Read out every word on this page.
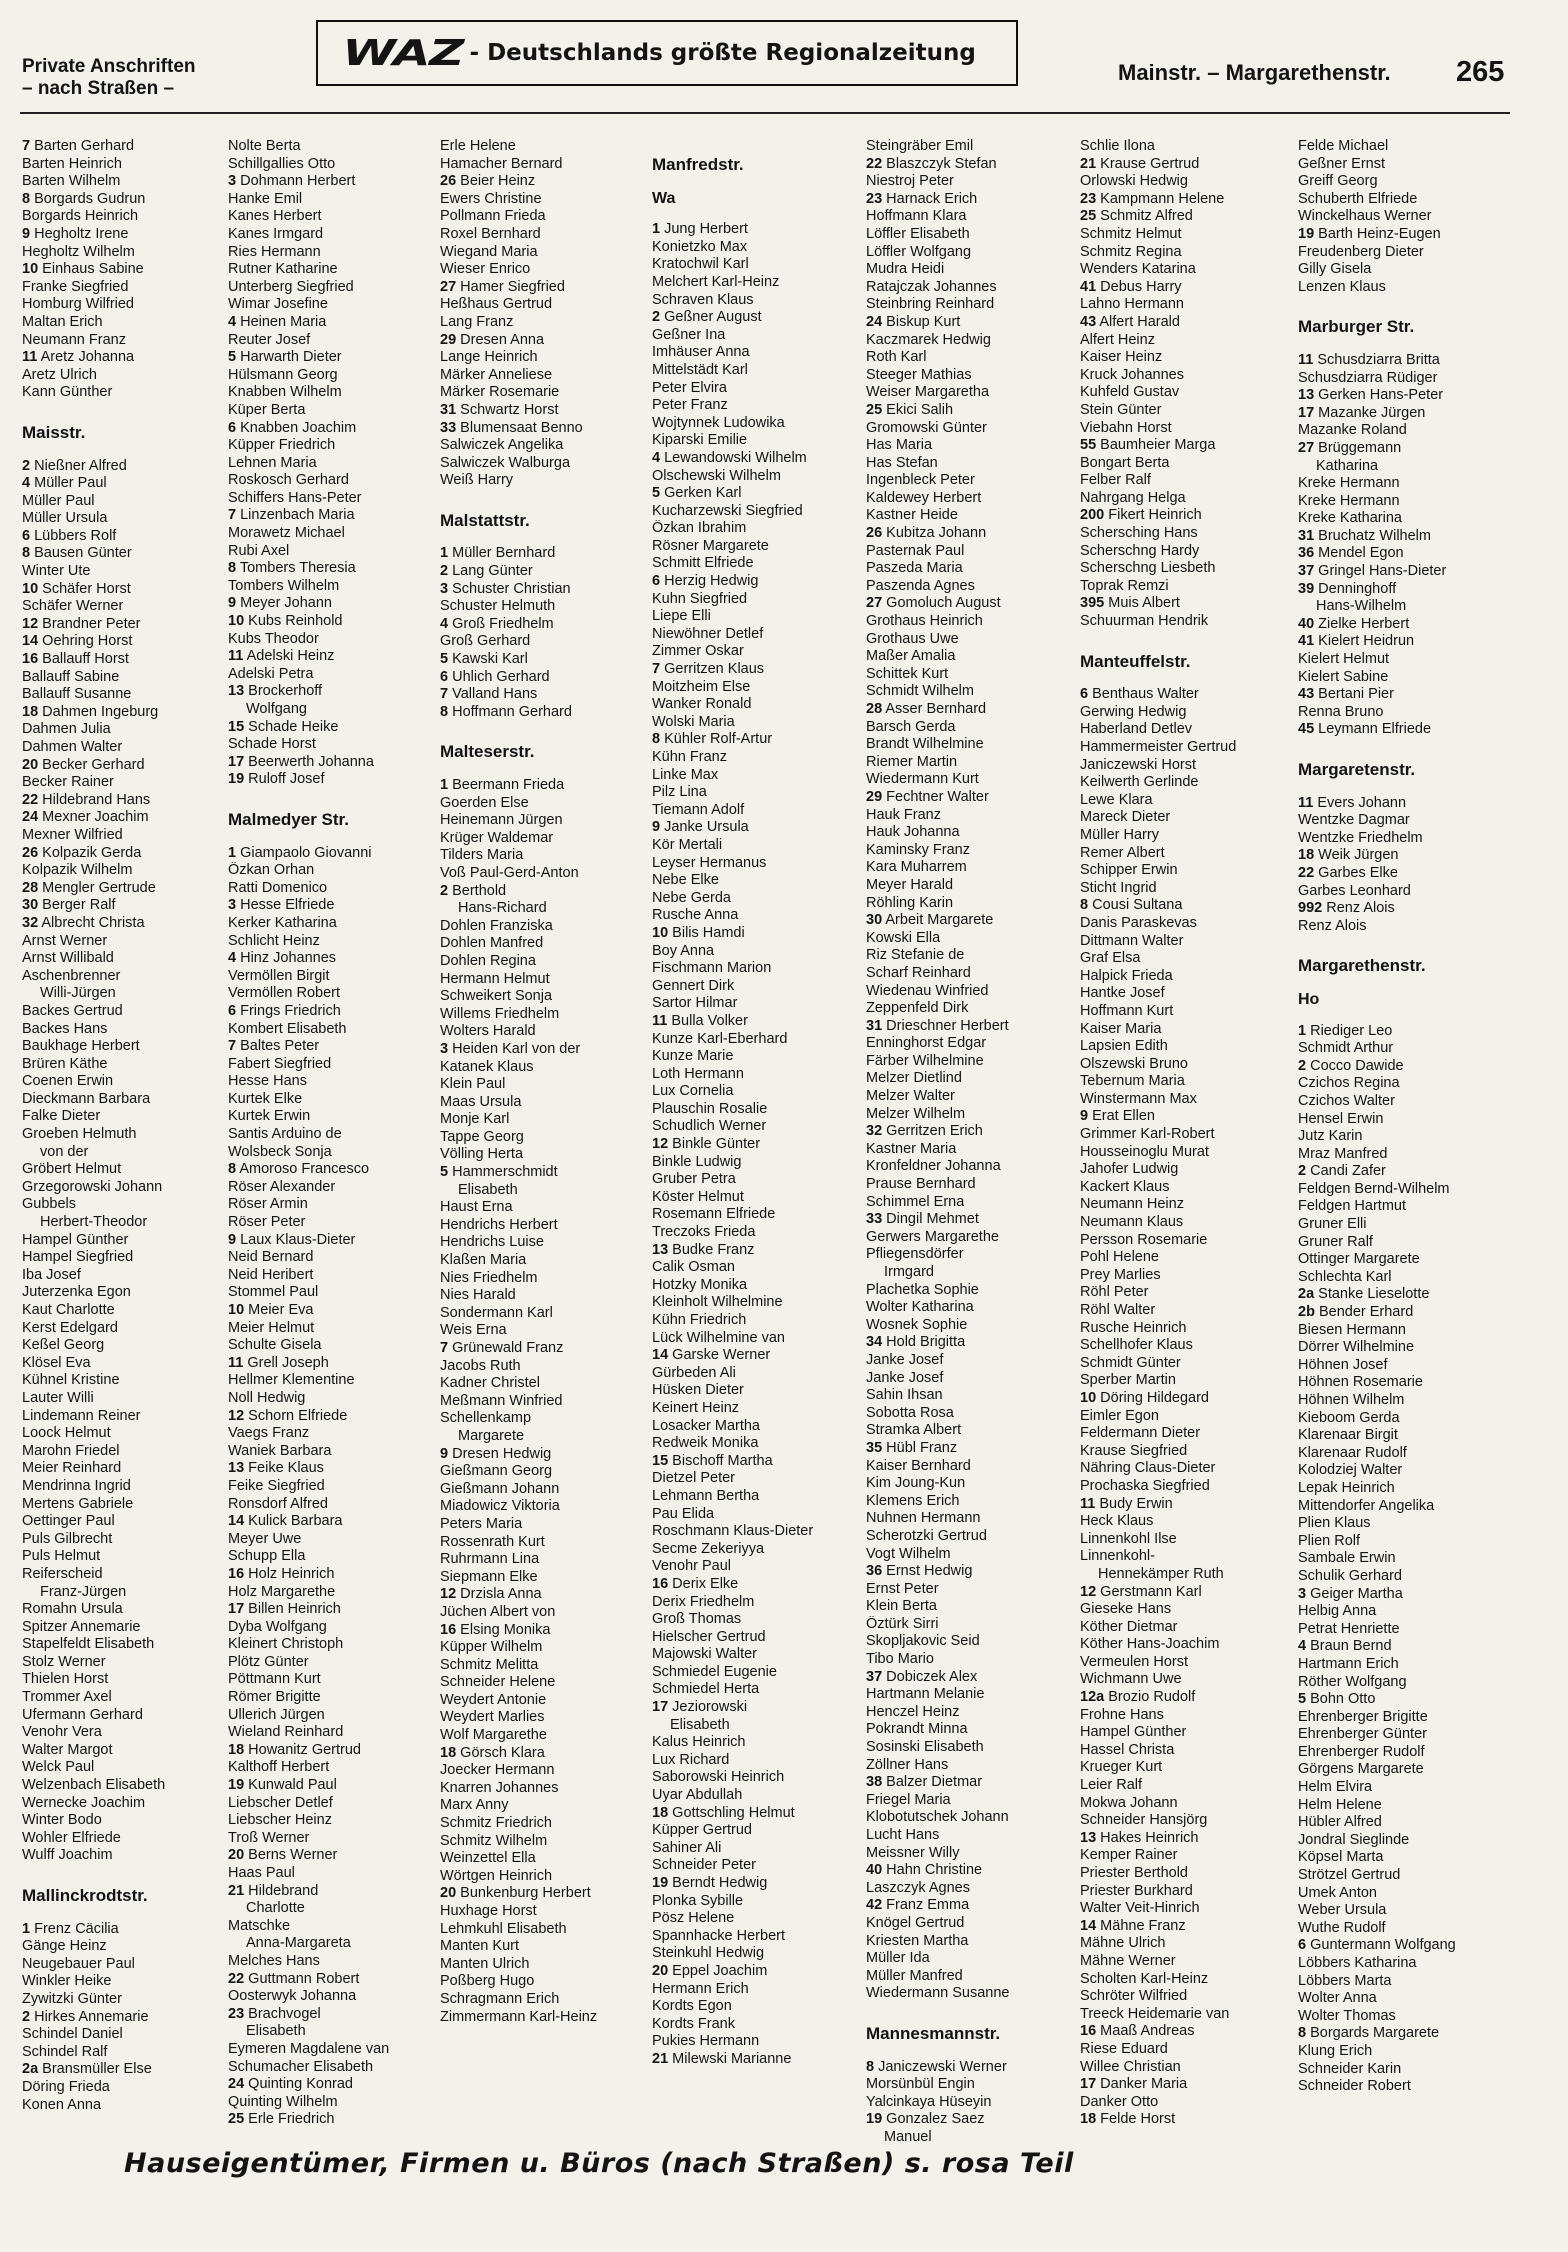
Private Anschriften
– nach Straßen –
WAZ - Deutschlands größte Regionalzeitung
Mainstr. – Margarethenstr. 265
7 Barten Gerhard
Barten Heinrich
Barten Wilhelm
8 Borgards Gudrun
Borgards Heinrich
9 Hegholtz Irene
Hegholtz Wilhelm
10 Einhaus Sabine
Franke Siegfried
Homburg Wilfried
Maltan Erich
Neumann Franz
11 Aretz Johanna
Aretz Ulrich
Kann Günther
Maisstr.
2 Nießner Alfred
4 Müller Paul
Müller Paul
Müller Ursula
6 Lübbers Rolf
8 Bausen Günter
Winter Ute
10 Schäfer Horst
Schäfer Werner
12 Brandner Peter
14 Oehring Horst
16 Ballauff Horst
Ballauff Sabine
Ballauff Susanne
18 Dahmen Ingeburg
Dahmen Julia
Dahmen Walter
20 Becker Gerhard
Becker Rainer
22 Hildebrand Hans
24 Mexner Joachim
Mexner Wilfried
26 Kolpazik Gerda
Kolpazik Wilhelm
28 Mengler Gertrude
30 Berger Ralf
32 Albrecht Christa
Arnst Werner
Arnst Willibald
Aschenbrenner
Willi-Jürgen
Backes Gertrud
Backes Hans
Baukhage Herbert
Brüren Käthe
Coenen Erwin
Dieckmann Barbara
Falke Dieter
Groeben Helmuth
von der
Gröbert Helmut
Grzegorowski Johann
Gubbels
Herbert-Theodor
Hampel Günther
Hampel Siegfried
Iba Josef
Juterzenka Egon
Kaut Charlotte
Kerst Edelgard
Keßel Georg
Klösel Eva
Kühnel Kristine
Lauter Willi
Lindemann Reiner
Loock Helmut
Marohn Friedel
Meier Reinhard
Mendrinna Ingrid
Mertens Gabriele
Oettinger Paul
Puls Gilbrecht
Puls Helmut
Reiferscheid
Franz-Jürgen
Romahn Ursula
Spitzer Annemarie
Stapelfeldt Elisabeth
Stolz Werner
Thielen Horst
Trommer Axel
Ufermann Gerhard
Venohr Vera
Walter Margot
Welck Paul
Welzenbach Elisabeth
Wernecke Joachim
Winter Bodo
Wohler Elfriede
Wulff Joachim
Mallinckrodtstr.
1 Frenz Cäcilia
Gänge Heinz
Neugebauer Paul
Winkler Heike
Zywitzki Günter
2 Hirkes Annemarie
Schindel Daniel
Schindel Ralf
2a Bransmüller Else
Döring Frieda
Konen Anna
Nolte Berta
Schillgallies Otto
3 Dohmann Herbert
Hanke Emil
Kanes Herbert
Kanes Irmgard
Ries Hermann
Rutner Katharine
Unterberg Siegfried
Wimar Josefine
4 Heinen Maria
Reuter Josef
5 Harwarth Dieter
Hülsmann Georg
Knabben Wilhelm
Küper Berta
6 Knabben Joachim
Küpper Friedrich
Lehnen Maria
Roskosch Gerhard
Schiffers Hans-Peter
7 Linzenbach Maria
Morawetz Michael
Rubi Axel
8 Tombers Theresia
Tombers Wilhelm
9 Meyer Johann
10 Kubs Reinhold
Kubs Theodor
11 Adelski Heinz
Adelski Petra
13 Brockerhoff
Wolfgang
15 Schade Heike
Schade Horst
17 Beerwerth Johanna
19 Ruloff Josef
Malmedyer Str.
1 Giampaolo Giovanni
Özkan Orhan
Ratti Domenico
3 Hesse Elfriede
Kerker Katharina
Schlicht Heinz
4 Hinz Johannes
Vermöllen Birgit
Vermöllen Robert
6 Frings Friedrich
Kombert Elisabeth
7 Baltes Peter
Fabert Siegfried
Hesse Hans
Kurtek Elke
Kurtek Erwin
Santis Arduino de
Wolsbeck Sonja
8 Amoroso Francesco
Röser Alexander
Röser Armin
Röser Peter
9 Laux Klaus-Dieter
Neid Bernard
Neid Heribert
Stommel Paul
10 Meier Eva
Meier Helmut
Schulte Gisela
11 Grell Joseph
Hellmer Klementine
Noll Hedwig
12 Schorn Elfriede
Vaegs Franz
Waniek Barbara
13 Feike Klaus
Feike Siegfried
Ronsdorf Alfred
14 Kulick Barbara
Meyer Uwe
Schupp Ella
16 Holz Heinrich
Holz Margarethe
17 Billen Heinrich
Dyba Wolfgang
Kleinert Christoph
Plötz Günter
Pöttmann Kurt
Römer Brigitte
Ullerich Jürgen
Wieland Reinhard
18 Howanitz Gertrud
Kalthoff Herbert
19 Kunwald Paul
Liebscher Detlef
Liebscher Heinz
Troß Werner
20 Berns Werner
Haas Paul
21 Hildebrand
Charlotte
Matschke
Anna-Margareta
Melches Hans
22 Guttmann Robert
Oosterwyk Johanna
23 Brachvogel
Elisabeth
Eymeren Magdalene van
Schumacher Elisabeth
24 Quinting Konrad
Quinting Wilhelm
25 Erle Friedrich
Erle Helene
Hamacher Bernard
26 Beier Heinz
Ewers Christine
Pollmann Frieda
Roxel Bernhard
Wiegand Maria
Wieser Enrico
27 Hamer Siegfried
Heßhaus Gertrud
Lang Franz
29 Dresen Anna
Lange Heinrich
Märker Anneliese
Märker Rosemarie
31 Schwartz Horst
33 Blumensaat Benno
Salwiczek Angelika
Salwiczek Walburga
Weiß Harry
Malstattstr.
1 Müller Bernhard
2 Lang Günter
3 Schuster Christian
Schuster Helmuth
4 Groß Friedhelm
Groß Gerhard
5 Kawski Karl
6 Uhlich Gerhard
7 Valland Hans
8 Hoffmann Gerhard
Malteserstr.
1 Beermann Frieda
Goerden Else
Heinemann Jürgen
Krüger Waldemar
Tilders Maria
Voß Paul-Gerd-Anton
2 Berthold
Hans-Richard
Dohlen Franziska
Dohlen Manfred
Dohlen Regina
Hermann Helmut
Schweikert Sonja
Willems Friedhelm
Wolters Harald
3 Heiden Karl von der
Katanek Klaus
Klein Paul
Maas Ursula
Monje Karl
Tappe Georg
Völling Herta
5 Hammerschmidt
Elisabeth
Haust Erna
Hendrichs Herbert
Hendrichs Luise
Klaßen Maria
Nies Friedhelm
Nies Harald
Sondermann Karl
Weis Erna
7 Grünewald Franz
Jacobs Ruth
Kadner Christel
Meßmann Winfried
Schellenkamp
Margarete
9 Dresen Hedwig
Gießmann Georg
Gießmann Johann
Miadowicz Viktoria
Peters Maria
Rossenrath Kurt
Ruhrmann Lina
Siepmann Elke
12 Drzisla Anna
Jüchen Albert von
16 Elsing Monika
Küpper Wilhelm
Schmitz Melitta
Schneider Helene
Weydert Antonie
Weydert Marlies
Wolf Margarethe
18 Görsch Klara
Joecker Hermann
Knarren Johannes
Marx Anny
Schmitz Friedrich
Schmitz Wilhelm
Weinzettel Ella
Wörtgen Heinrich
20 Bunkenburg Herbert
Huxhage Horst
Lehmkuhl Elisabeth
Manten Kurt
Manten Ulrich
Poßberg Hugo
Schragmann Erich
Zimmermann Karl-Heinz
Manfredstr.
Wa
1 Jung Herbert
Konietzko Max
Kratochwil Karl
Melchert Karl-Heinz
Schraven Klaus
2 Geßner August
Geßner Ina
Imhäuser Anna
Mittelstädt Karl
Peter Elvira
Peter Franz
Wojtynnek Ludowika
Kiparski Emilie
4 Lewandowski Wilhelm
Olschewski Wilhelm
5 Gerken Karl
Kucharzewski Siegfried
Özkan Ibrahim
Rösner Margarete
Schmitt Elfriede
6 Herzig Hedwig
Kuhn Siegfried
Liepe Elli
Niewöhner Detlef
Zimmer Oskar
7 Gerritzen Klaus
Moitzheim Else
Wanker Ronald
Wolski Maria
8 Kühler Rolf-Artur
Kühn Franz
Linke Max
Pilz Lina
Tiemann Adolf
9 Janke Ursula
Kör Mertali
Leyser Hermanus
Nebe Elke
Nebe Gerda
Rusche Anna
10 Bilis Hamdi
Boy Anna
Fischmann Marion
Gennert Dirk
Sartor Hilmar
11 Bulla Volker
Kunze Karl-Eberhard
Kunze Marie
Loth Hermann
Lux Cornelia
Plauschin Rosalie
Schudlich Werner
12 Binkle Günter
Binkle Ludwig
Gruber Petra
Köster Helmut
Rosemann Elfriede
Treczoks Frieda
13 Budke Franz
Calik Osman
Hotzky Monika
Kleinholt Wilhelmine
Kühn Friedrich
Lück Wilhelmine van
14 Garske Werner
Gürbeden Ali
Hüsken Dieter
Keinert Heinz
Losacker Martha
Redweik Monika
15 Bischoff Martha
Dietzel Peter
Lehmann Bertha
Pau Elida
Roschmann Klaus-Dieter
Secme Zekeriyya
Venohr Paul
16 Derix Elke
Derix Friedhelm
Groß Thomas
Hielscher Gertrud
Majowski Walter
Schmiedel Eugenie
Schmiedel Herta
17 Jeziorowski
Elisabeth
Kalus Heinrich
Lux Richard
Saborowski Heinrich
Uyar Abdullah
18 Gottschling Helmut
Küpper Gertrud
Sahiner Ali
Schneider Peter
19 Berndt Hedwig
Plonka Sybille
Pösz Helene
Spannhacke Herbert
Steinkuhl Hedwig
20 Eppel Joachim
Hermann Erich
Kordts Egon
Kordts Frank
Pukies Hermann
21 Milewski Marianne
Steingräber Emil
22 Blaszczyk Stefan
Niestroj Peter
23 Harnack Erich
Hoffmann Klara
Löffler Elisabeth
Löffler Wolfgang
Mudra Heidi
Ratajczak Johannes
Steinbring Reinhard
24 Biskup Kurt
Kaczmarek Hedwig
Roth Karl
Steeger Mathias
Weiser Margaretha
25 Ekici Salih
Gromowski Günter
Has Maria
Has Stefan
Ingenbleck Peter
Kaldewey Herbert
Kastner Heide
26 Kubitza Johann
Pasternak Paul
Paszeda Maria
Paszenda Agnes
27 Gomoluch August
Grothaus Heinrich
Grothaus Uwe
Maßer Amalia
Schittek Kurt
Schmidt Wilhelm
28 Asser Bernhard
Barsch Gerda
Brandt Wilhelmine
Riemer Martin
Wiedermann Kurt
29 Fechtner Walter
Hauk Franz
Hauk Johanna
Kaminsky Franz
Kara Muharrem
Meyer Harald
Röhling Karin
30 Arbeit Margarete
Kowski Ella
Riz Stefanie de
Scharf Reinhard
Wiedenau Winfried
Zeppenfeld Dirk
31 Drieschner Herbert
Enninghorst Edgar
Färber Wilhelmine
Melzer Dietlind
Melzer Walter
Melzer Wilhelm
32 Gerritzen Erich
Kastner Maria
Kronfeldner Johanna
Prause Bernhard
Schimmel Erna
33 Dingil Mehmet
Gerwers Margarethe
Pfliegensdörfer
Irmgard
Plachetka Sophie
Wolter Katharina
Wosnek Sophie
34 Hold Brigitta
Janke Josef
Janke Josef
Sahin Ihsan
Sobotta Rosa
Stramka Albert
35 Hübl Franz
Kaiser Bernhard
Kim Joung-Kun
Klemens Erich
Nuhnen Hermann
Scherotzki Gertrud
Vogt Wilhelm
36 Ernst Hedwig
Ernst Peter
Klein Berta
Öztürk Sirri
Skopljakovic Seid
Tibo Mario
37 Dobiczek Alex
Hartmann Melanie
Henczel Heinz
Pokrandt Minna
Sosinski Elisabeth
Zöllner Hans
38 Balzer Dietmar
Friegel Maria
Klobotutschek Johann
Lucht Hans
Meissner Willy
40 Hahn Christine
Laszczyk Agnes
42 Franz Emma
Knögel Gertrud
Kriesten Martha
Müller Ida
Müller Manfred
Wiedermann Susanne
Mannesmannstr.
8 Janiczewski Werner
Morsünbül Engin
Yalcinkaya Hüseyin
19 Gonzalez Saez
Manuel
Schlie Ilona
21 Krause Gertrud
Orlowski Hedwig
23 Kampmann Helene
25 Schmitz Alfred
Schmitz Helmut
Schmitz Regina
Wenders Katarina
41 Debus Harry
Lahno Hermann
43 Alfert Harald
Alfert Heinz
Kaiser Heinz
Kruck Johannes
Kuhfeld Gustav
Stein Günter
Viebahn Horst
55 Baumheier Marga
Bongart Berta
Felber Ralf
Nahrgang Helga
200 Fikert Heinrich
Schersching Hans
Scherschng Hardy
Scherschng Liesbeth
Toprak Remzi
395 Muis Albert
Schuurman Hendrik
Manteuffelstr.
6 Benthaus Walter
Gerwing Hedwig
Haberland Detlev
Hammermeister Gertrud
Janiczewski Horst
Keilwerth Gerlinde
Lewe Klara
Mareck Dieter
Müller Harry
Remer Albert
Schipper Erwin
Sticht Ingrid
8 Cousi Sultana
Danis Paraskevas
Dittmann Walter
Graf Elsa
Halpick Frieda
Hantke Josef
Hoffmann Kurt
Kaiser Maria
Lapsien Edith
Olszewski Bruno
Tebernum Maria
Winstermann Max
9 Erat Ellen
Grimmer Karl-Robert
Housseinoglu Murat
Jahofer Ludwig
Kackert Klaus
Neumann Heinz
Neumann Klaus
Persson Rosemarie
Pohl Helene
Prey Marlies
Röhl Peter
Röhl Walter
Rusche Heinrich
Schellhofer Klaus
Schmidt Günter
Sperber Martin
10 Döring Hildegard
Eimler Egon
Feldermann Dieter
Krause Siegfried
Nähring Claus-Dieter
Prochaska Siegfried
11 Budy Erwin
Heck Klaus
Linnenkohl Ilse
Linnenkohl-
Hennekämper Ruth
12 Gerstmann Karl
Gieseke Hans
Köther Dietmar
Köther Hans-Joachim
Vermeulen Horst
Wichmann Uwe
12a Brozio Rudolf
Frohne Hans
Hampel Günther
Hassel Christa
Krueger Kurt
Leier Ralf
Mokwa Johann
Schneider Hansjörg
13 Hakes Heinrich
Kemper Rainer
Priester Berthold
Priester Burkhard
Walter Veit-Hinrich
14 Mähne Franz
Mähne Ulrich
Mähne Werner
Scholten Karl-Heinz
Schröter Wilfried
Treeck Heidemarie van
16 Maaß Andreas
Riese Eduard
Willee Christian
17 Danker Maria
Danker Otto
18 Felde Horst
Felde Michael
Geßner Ernst
Greiff Georg
Schuberth Elfriede
Winckelhaus Werner
19 Barth Heinz-Eugen
Freudenberg Dieter
Gilly Gisela
Lenzen Klaus
Marburger Str.
11 Schusdziarra Britta
Schusdziarra Rüdiger
13 Gerken Hans-Peter
17 Mazanke Jürgen
Mazanke Roland
27 Brüggemann
Katharina
Kreke Hermann
Kreke Hermann
Kreke Katharina
31 Bruchatz Wilhelm
36 Mendel Egon
37 Gringel Hans-Dieter
39 Denninghoff
Hans-Wilhelm
40 Zielke Herbert
41 Kielert Heidrun
Kielert Helmut
Kielert Sabine
43 Bertani Pier
Renna Bruno
45 Leymann Elfriede
Margaretenstr.
11 Evers Johann
Wentzke Dagmar
Wentzke Friedhelm
18 Weik Jürgen
22 Garbes Elke
Garbes Leonhard
992 Renz Alois
Renz Alois
Margarethenstr.
Ho
1 Riediger Leo
Schmidt Arthur
2 Cocco Dawide
Czichos Regina
Czichos Walter
Hensel Erwin
Jutz Karin
Mraz Manfred
2 Candi Zafer
Feldgen Bernd-Wilhelm
Feldgen Hartmut
Gruner Elli
Gruner Ralf
Ottinger Margarete
Schlechta Karl
2a Stanke Lieselotte
2b Bender Erhard
Biesen Hermann
Dörrer Wilhelmine
Höhnen Josef
Höhnen Rosemarie
Höhnen Wilhelm
Kieboom Gerda
Klarenaar Birgit
Klarenaar Rudolf
Kolodziej Walter
Lepak Heinrich
Mittendorfer Angelika
Plien Klaus
Plien Rolf
Sambale Erwin
Schulik Gerhard
3 Geiger Martha
Helbig Anna
Petrat Henriette
4 Braun Bernd
Hartmann Erich
Röther Wolfgang
5 Bohn Otto
Ehrenberger Brigitte
Ehrenberger Günter
Ehrenberger Rudolf
Görgens Margarete
Helm Elvira
Helm Helene
Hübler Alfred
Jondral Sieglinde
Köpsel Marta
Strötzel Gertrud
Umek Anton
Weber Ursula
Wuthe Rudolf
6 Guntermann Wolfgang
Löbbers Katharina
Löbbers Marta
Wolter Anna
Wolter Thomas
8 Borgards Margarete
Klung Erich
Schneider Karin
Schneider Robert
Hauseigentümer, Firmen u. Büros (nach Straßen) s. rosa Teil
